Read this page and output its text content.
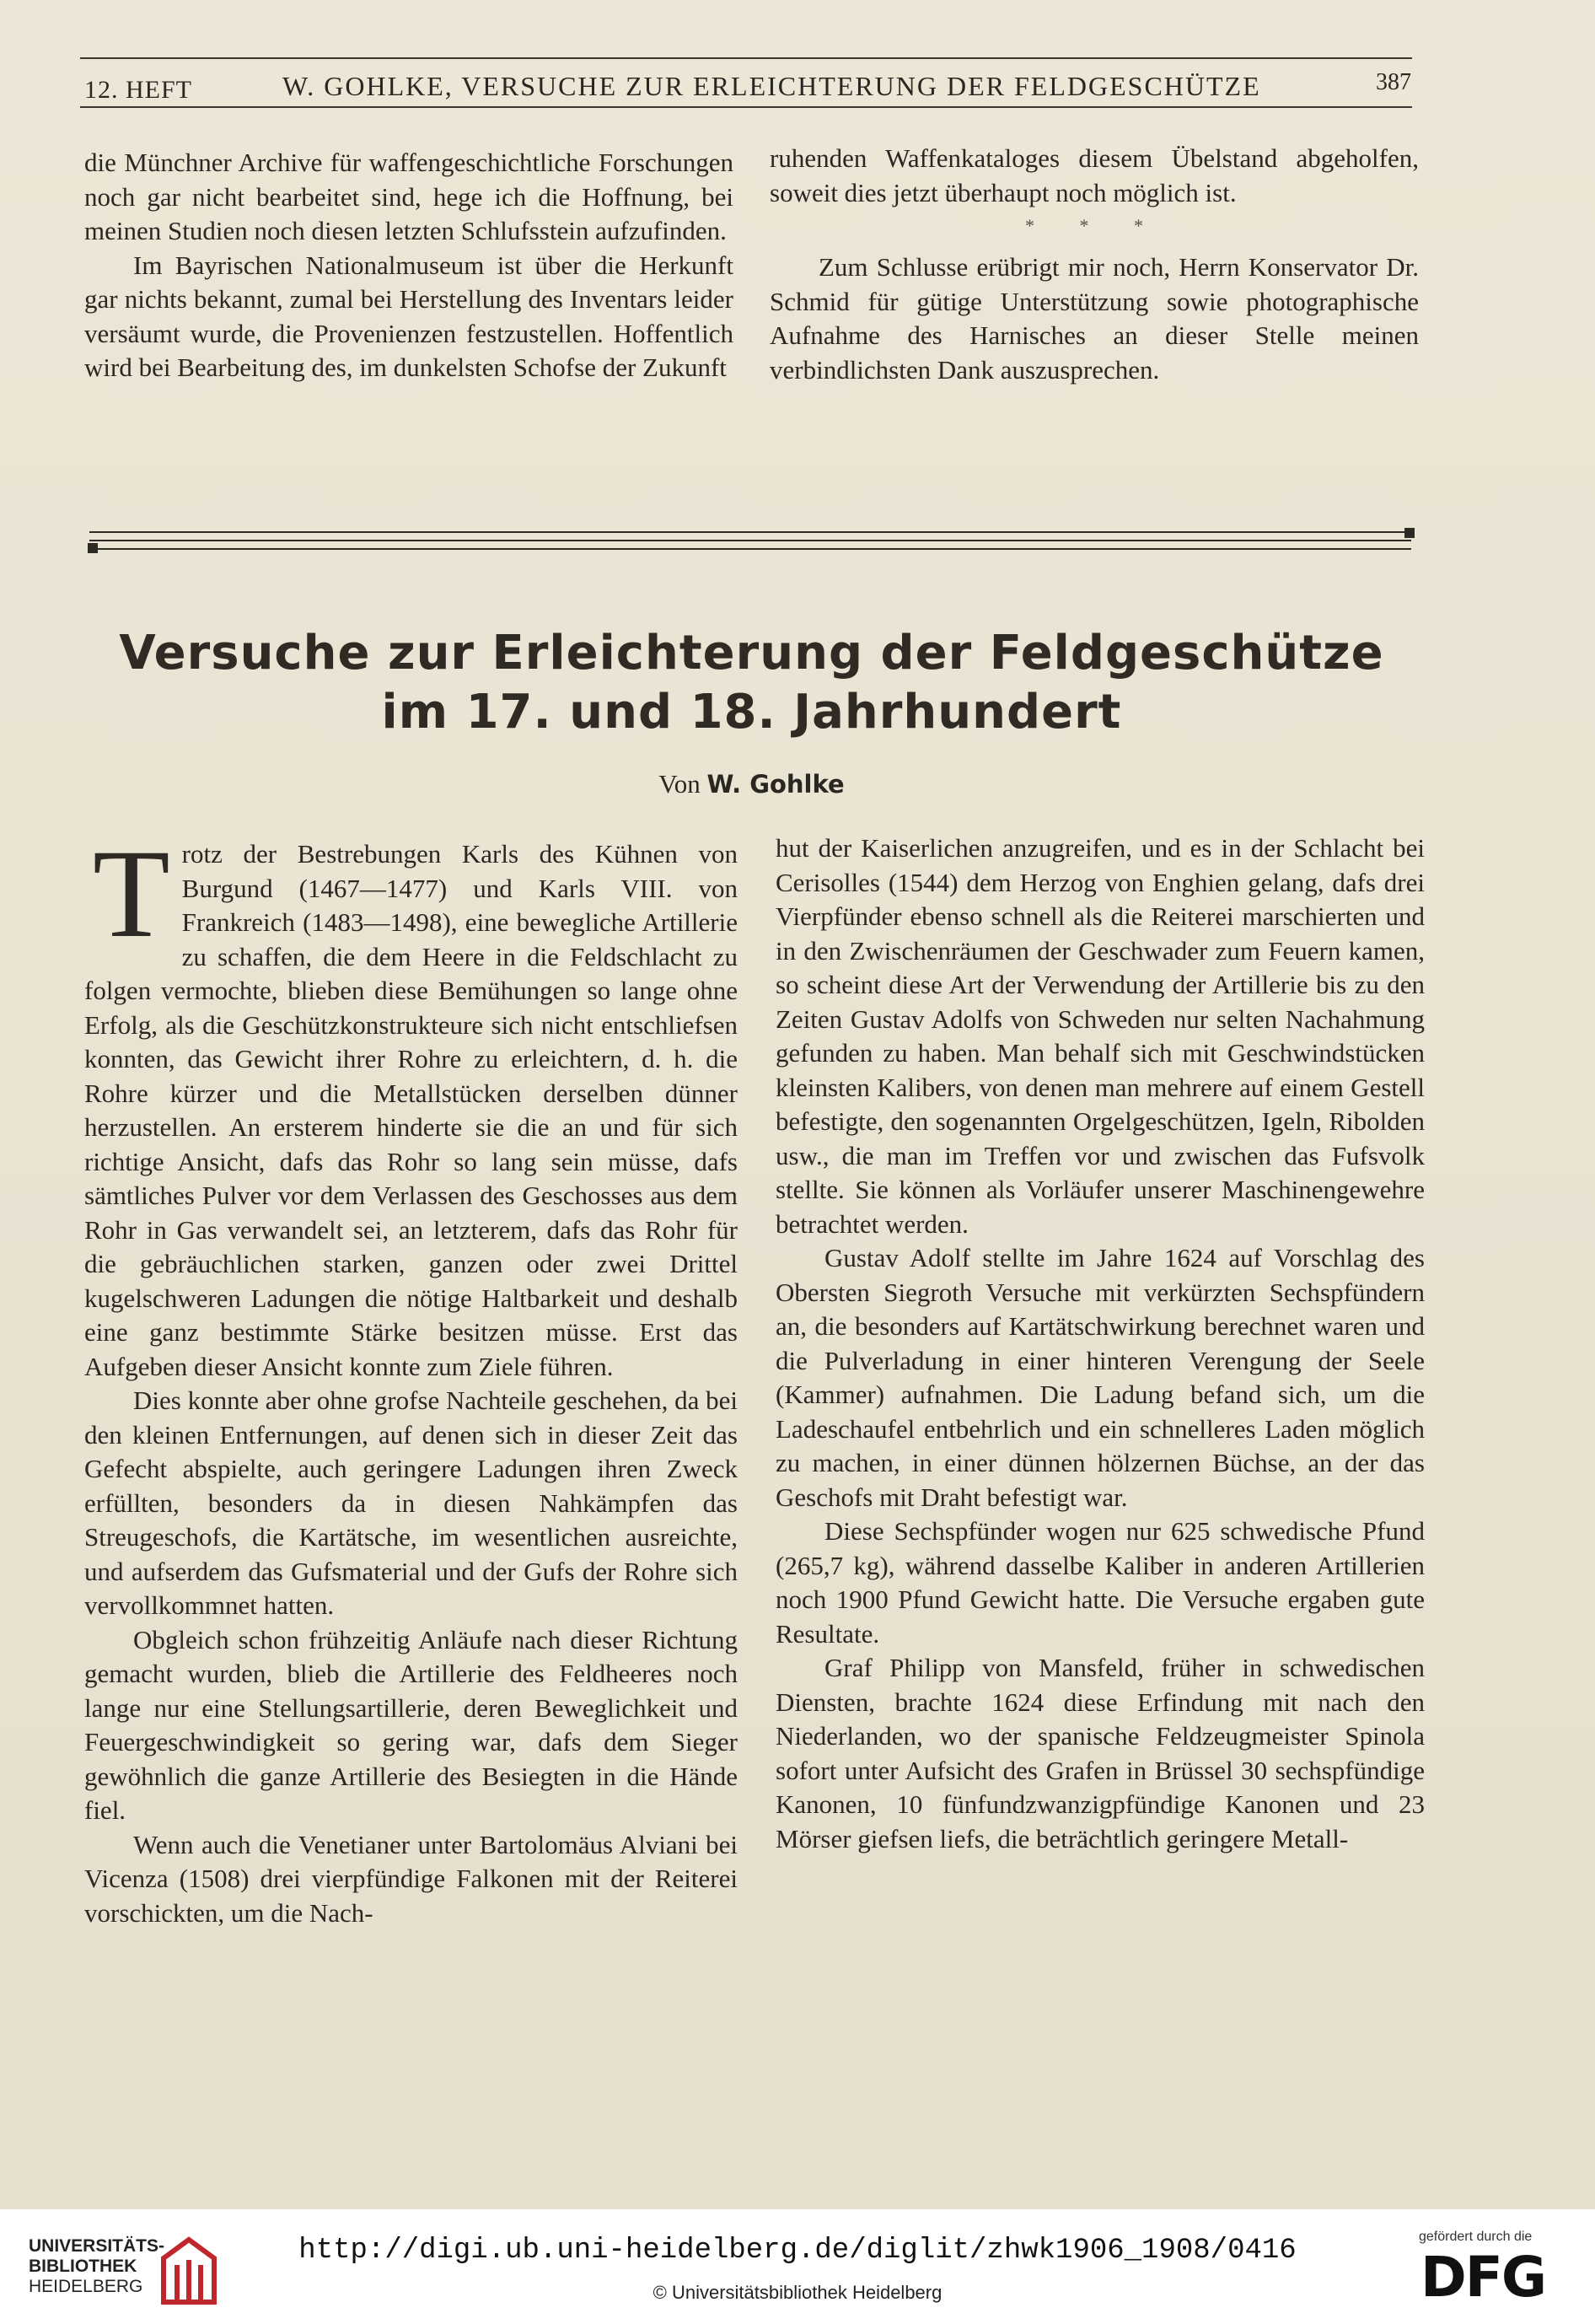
12. HEFT	W. GOHLKE, VERSUCHE ZUR ERLEICHTERUNG DER FELDGESCHÜTZE	387

die Münchner Archive für waffengeschichtliche Forschungen noch gar nicht bearbeitet sind, hege ich die Hoffnung, bei meinen Studien noch diesen letzten Schlufsstein aufzufinden.

Im Bayrischen Nationalmuseum ist über die Herkunft gar nichts bekannt, zumal bei Herstellung des Inventars leider versäumt wurde, die Provenienzen festzustellen. Hoffentlich wird bei Bearbeitung des, im dunkelsten Schofse der Zukunft

ruhenden Waffenkataloges diesem Übelstand abgeholfen, soweit dies jetzt überhaupt noch möglich ist.

* * *

Zum Schlusse erübrigt mir noch, Herrn Konservator Dr. Schmid für gütige Unterstützung sowie photographische Aufnahme des Harnisches an dieser Stelle meinen verbindlichsten Dank auszusprechen.

Versuche zur Erleichterung der Feldgeschütze
im 17. und 18. Jahrhundert
Von W. Gohlke

Trotz der Bestrebungen Karls des Kühnen von Burgund (1467—1477) und Karls VIII. von Frankreich (1483—1498), eine bewegliche Artillerie zu schaffen, die dem Heere in die Feldschlacht zu folgen vermochte, blieben diese Bemühungen so lange ohne Erfolg, als die Geschützkonstrukteure sich nicht entschliefsen konnten, das Gewicht ihrer Rohre zu erleichtern, d. h. die Rohre kürzer und die Metallstücken derselben dünner herzustellen. An ersterem hinderte sie die an und für sich richtige Ansicht, dafs das Rohr so lang sein müsse, dafs sämtliches Pulver vor dem Verlassen des Geschosses aus dem Rohr in Gas verwandelt sei, an letzterem, dafs das Rohr für die gebräuchlichen starken, ganzen oder zwei Drittel kugelschweren Ladungen die nötige Haltbarkeit und deshalb eine ganz bestimmte Stärke besitzen müsse. Erst das Aufgeben dieser Ansicht konnte zum Ziele führen.

Dies konnte aber ohne grofse Nachteile geschehen, da bei den kleinen Entfernungen, auf denen sich in dieser Zeit das Gefecht abspielte, auch geringere Ladungen ihren Zweck erfüllten, besonders da in diesen Nahkämpfen das Streugeschofs, die Kartätsche, im wesentlichen ausreichte, und aufserdem das Gufsmaterial und der Gufs der Rohre sich vervollkommnet hatten.

Obgleich schon frühzeitig Anläufe nach dieser Richtung gemacht wurden, blieb die Artillerie des Feldheeres noch lange nur eine Stellungsartillerie, deren Beweglichkeit und Feuergeschwindigkeit so gering war, dafs dem Sieger gewöhnlich die ganze Artillerie des Besiegten in die Hände fiel.

Wenn auch die Venetianer unter Bartolomäus Alviani bei Vicenza (1508) drei vierpfündige Falkonen mit der Reiterei vorschickten, um die Nach-

hut der Kaiserlichen anzugreifen, und es in der Schlacht bei Cerisolles (1544) dem Herzog von Enghien gelang, dafs drei Vierpfünder ebenso schnell als die Reiterei marschierten und in den Zwischenräumen der Geschwader zum Feuern kamen, so scheint diese Art der Verwendung der Artillerie bis zu den Zeiten Gustav Adolfs von Schweden nur selten Nachahmung gefunden zu haben. Man behalf sich mit Geschwindstücken kleinsten Kalibers, von denen man mehrere auf einem Gestell befestigte, den sogenannten Orgelgeschützen, Igeln, Ribolden usw., die man im Treffen vor und zwischen das Fufsvolk stellte. Sie können als Vorläufer unserer Maschinengewehre betrachtet werden.

Gustav Adolf stellte im Jahre 1624 auf Vorschlag des Obersten Siegroth Versuche mit verkürzten Sechspfündern an, die besonders auf Kartätschwirkung berechnet waren und die Pulverladung in einer hinteren Verengung der Seele (Kammer) aufnahmen. Die Ladung befand sich, um die Ladeschaufel entbehrlich und ein schnelleres Laden möglich zu machen, in einer dünnen hölzernen Büchse, an der das Geschofs mit Draht befestigt war.

Diese Sechspfünder wogen nur 625 schwedische Pfund (265,7 kg), während dasselbe Kaliber in anderen Artillerien noch 1900 Pfund Gewicht hatte. Die Versuche ergaben gute Resultate.

Graf Philipp von Mansfeld, früher in schwedischen Diensten, brachte 1624 diese Erfindung mit nach den Niederlanden, wo der spanische Feldzeugmeister Spinola sofort unter Aufsicht des Grafen in Brüssel 30 sechspfündige Kanonen, 10 fünfundzwanzigpfündige Kanonen und 23 Mörser giefsen liefs, die beträchtlich geringere Metall-

UNIVERSITÄTS-
BIBLIOTHEK
HEIDELBERG
http://digi.ub.uni-heidelberg.de/diglit/zhwk1906_1908/0416
© Universitätsbibliothek Heidelberg
gefördert durch die
DFG
